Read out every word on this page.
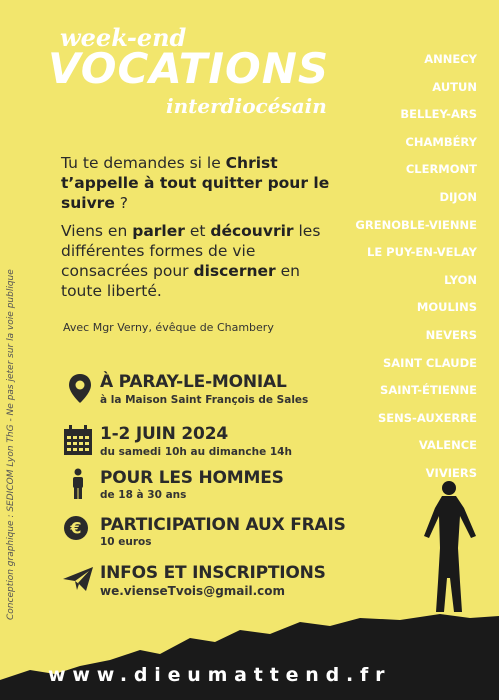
week-end
VOCATIONS
interdiocésain
ANNECY
AUTUN
BELLEY-ARS
CHAMBÉRY
CLERMONT
DIJON
GRENOBLE-VIENNE
LE PUY-EN-VELAY
LYON
MOULINS
NEVERS
SAINT CLAUDE
SAINT-ÉTIENNE
SENS-AUXERRE
VALENCE
VIVIERS

Tu te demandes si le Christ t’appelle à tout quitter pour le suivre ?

Viens en parler et découvrir les différentes formes de vie consacrées pour discerner en toute liberté.

Avec Mgr Verny, évêque de Chambery
À PARAY-LE-MONIAL
à la Maison Saint François de Sales
1-2 JUIN 2024
du samedi 10h au dimanche 14h
POUR LES HOMMES
de 18 à 30 ans
€ PARTICIPATION AUX FRAIS
10 euros
INFOS ET INSCRIPTIONS
we.vienseTvois@gmail.com
Conception graphique : SEDICOM Lyon ThG - Ne pas jeter sur la voie publique
www.dieumattend.fr
